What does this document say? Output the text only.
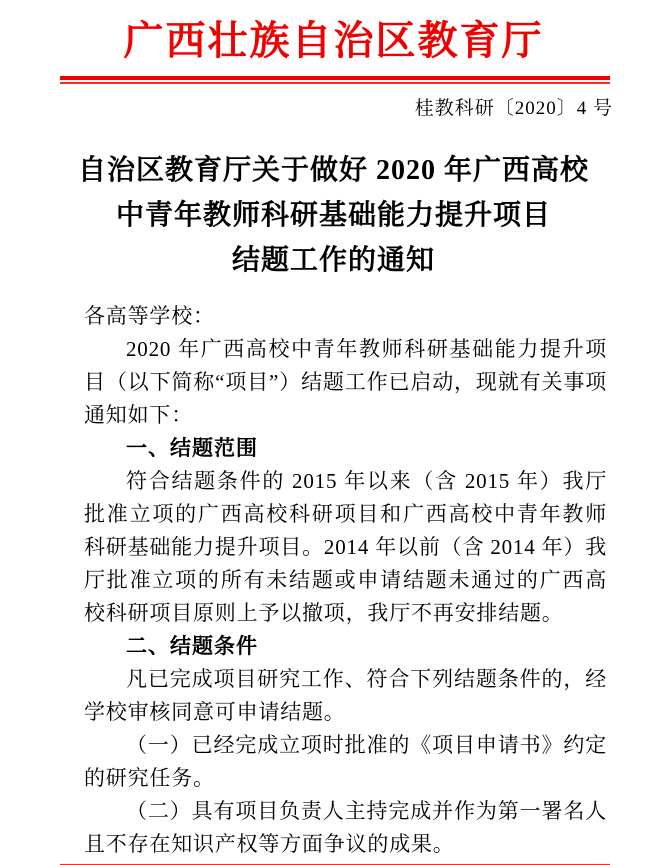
广西壮族自治区教育厅
桂教科研〔2020〕4 号
自治区教育厅关于做好 2020 年广西高校
中青年教师科研基础能力提升项目
结题工作的通知

各高等学校：

2020 年广西高校中青年教师科研基础能力提升项目（以下简称“项目”）结题工作已启动，现就有关事项通知如下：

一、结题范围

符合结题条件的 2015 年以来（含 2015 年）我厅批准立项的广西高校科研项目和广西高校中青年教师科研基础能力提升项目。2014 年以前（含 2014 年）我厅批准立项的所有未结题或申请结题未通过的广西高校科研项目原则上予以撤项，我厅不再安排结题。

二、结题条件

凡已完成项目研究工作、符合下列结题条件的，经学校审核同意可申请结题。

（一）已经完成立项时批准的《项目申请书》约定的研究任务。

（二）具有项目负责人主持完成并作为第一署名人且不存在知识产权等方面争议的成果。
